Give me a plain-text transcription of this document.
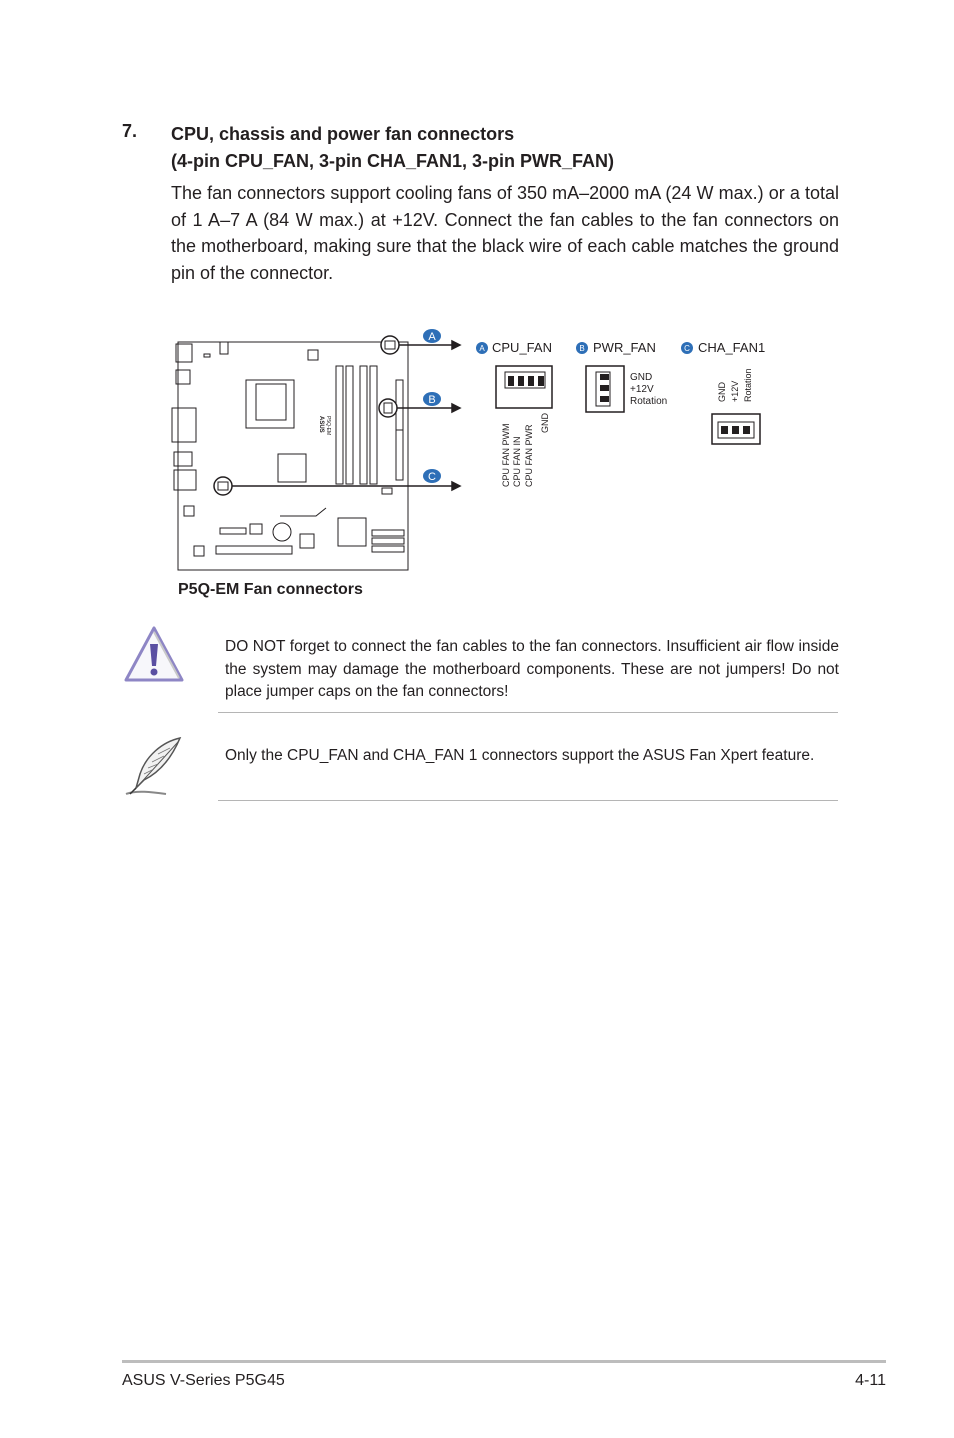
7. CPU, chassis and power fan connectors
(4-pin CPU_FAN, 3-pin CHA_FAN1, 3-pin PWR_FAN)
The fan connectors support cooling fans of 350 mA–2000 mA (24 W max.) or a total of 1 A–7 A (84 W max.) at +12V. Connect the fan cables to the fan connectors on the motherboard, making sure that the black wire of each cable matches the ground pin of the connector.
ASUS P5Q-EM
A
B
C
A CPU_FAN	B PWR_FAN	C CHA_FAN1
CPU FAN PWM CPU FAN IN CPU FAN PWR
GND
GND
+12V
Rotation	GND +12V Rotation
P5Q-EM Fan connectors
DO NOT forget to connect the fan cables to the fan connectors. Insufficient air flow inside the system may damage the motherboard components. These are not jumpers! Do not place jumper caps on the fan connectors!
Only the CPU_FAN and CHA_FAN 1 connectors support the ASUS Fan Xpert feature.
ASUS V-Series P5G45	4-11
